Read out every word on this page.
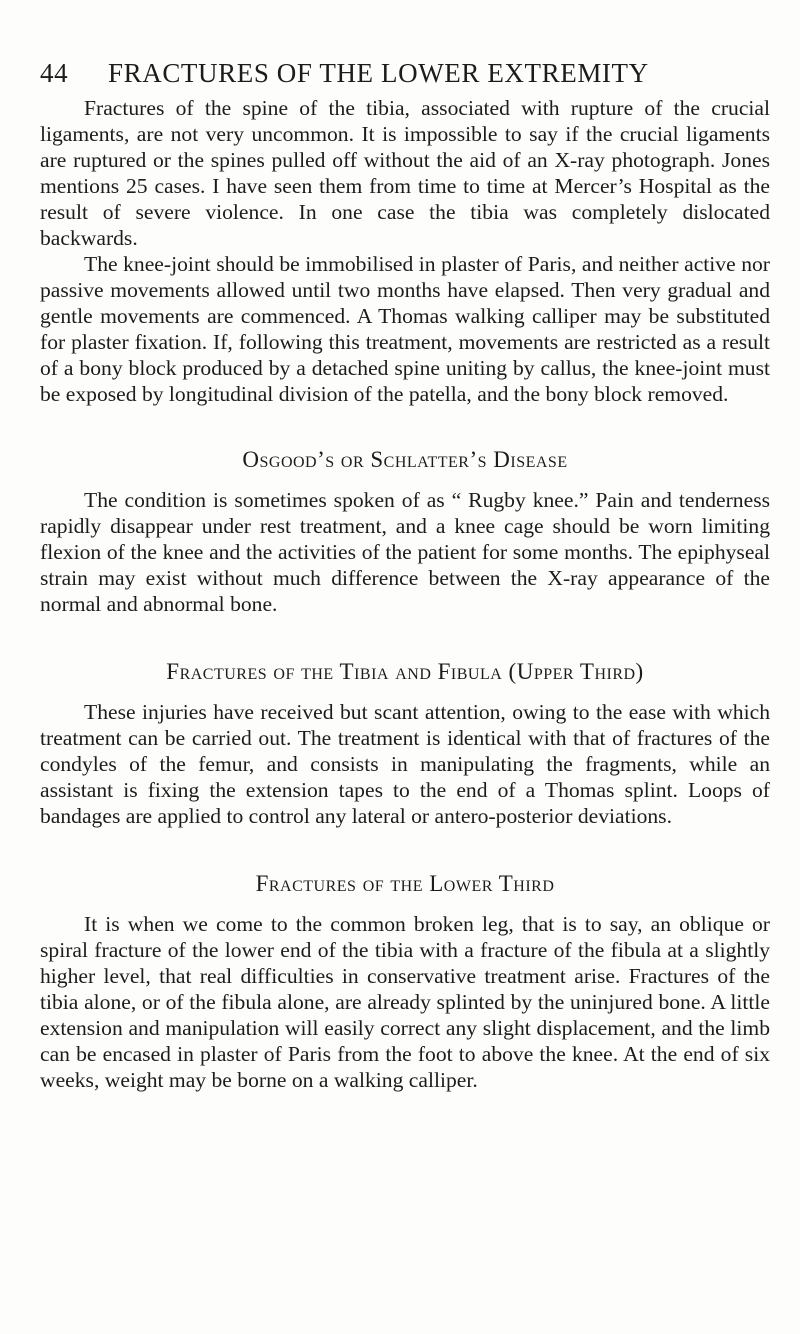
44 FRACTURES OF THE LOWER EXTREMITY

Fractures of the spine of the tibia, associated with rupture of the crucial ligaments, are not very uncommon. It is impossible to say if the crucial ligaments are ruptured or the spines pulled off without the aid of an X-ray photograph. Jones mentions 25 cases. I have seen them from time to time at Mercer’s Hospital as the result of severe violence. In one case the tibia was completely dislocated backwards.

The knee-joint should be immobilised in plaster of Paris, and neither active nor passive movements allowed until two months have elapsed. Then very gradual and gentle movements are commenced. A Thomas walking calliper may be substituted for plaster fixation. If, following this treatment, movements are restricted as a result of a bony block produced by a detached spine uniting by callus, the knee-joint must be exposed by longitudinal division of the patella, and the bony block removed.

Osgood’s or Schlatter’s Disease

The condition is sometimes spoken of as “ Rugby knee.” Pain and tenderness rapidly disappear under rest treatment, and a knee cage should be worn limiting flexion of the knee and the activities of the patient for some months. The epiphyseal strain may exist without much difference between the X-ray appearance of the normal and abnormal bone.

Fractures of the Tibia and Fibula (Upper Third)

These injuries have received but scant attention, owing to the ease with which treatment can be carried out. The treatment is identical with that of fractures of the condyles of the femur, and consists in manipulating the fragments, while an assistant is fixing the extension tapes to the end of a Thomas splint. Loops of bandages are applied to control any lateral or antero-posterior deviations.

Fractures of the Lower Third

It is when we come to the common broken leg, that is to say, an oblique or spiral fracture of the lower end of the tibia with a fracture of the fibula at a slightly higher level, that real difficulties in conservative treatment arise. Fractures of the tibia alone, or of the fibula alone, are already splinted by the uninjured bone. A little extension and manipulation will easily correct any slight displacement, and the limb can be encased in plaster of Paris from the foot to above the knee. At the end of six weeks, weight may be borne on a walking calliper.
